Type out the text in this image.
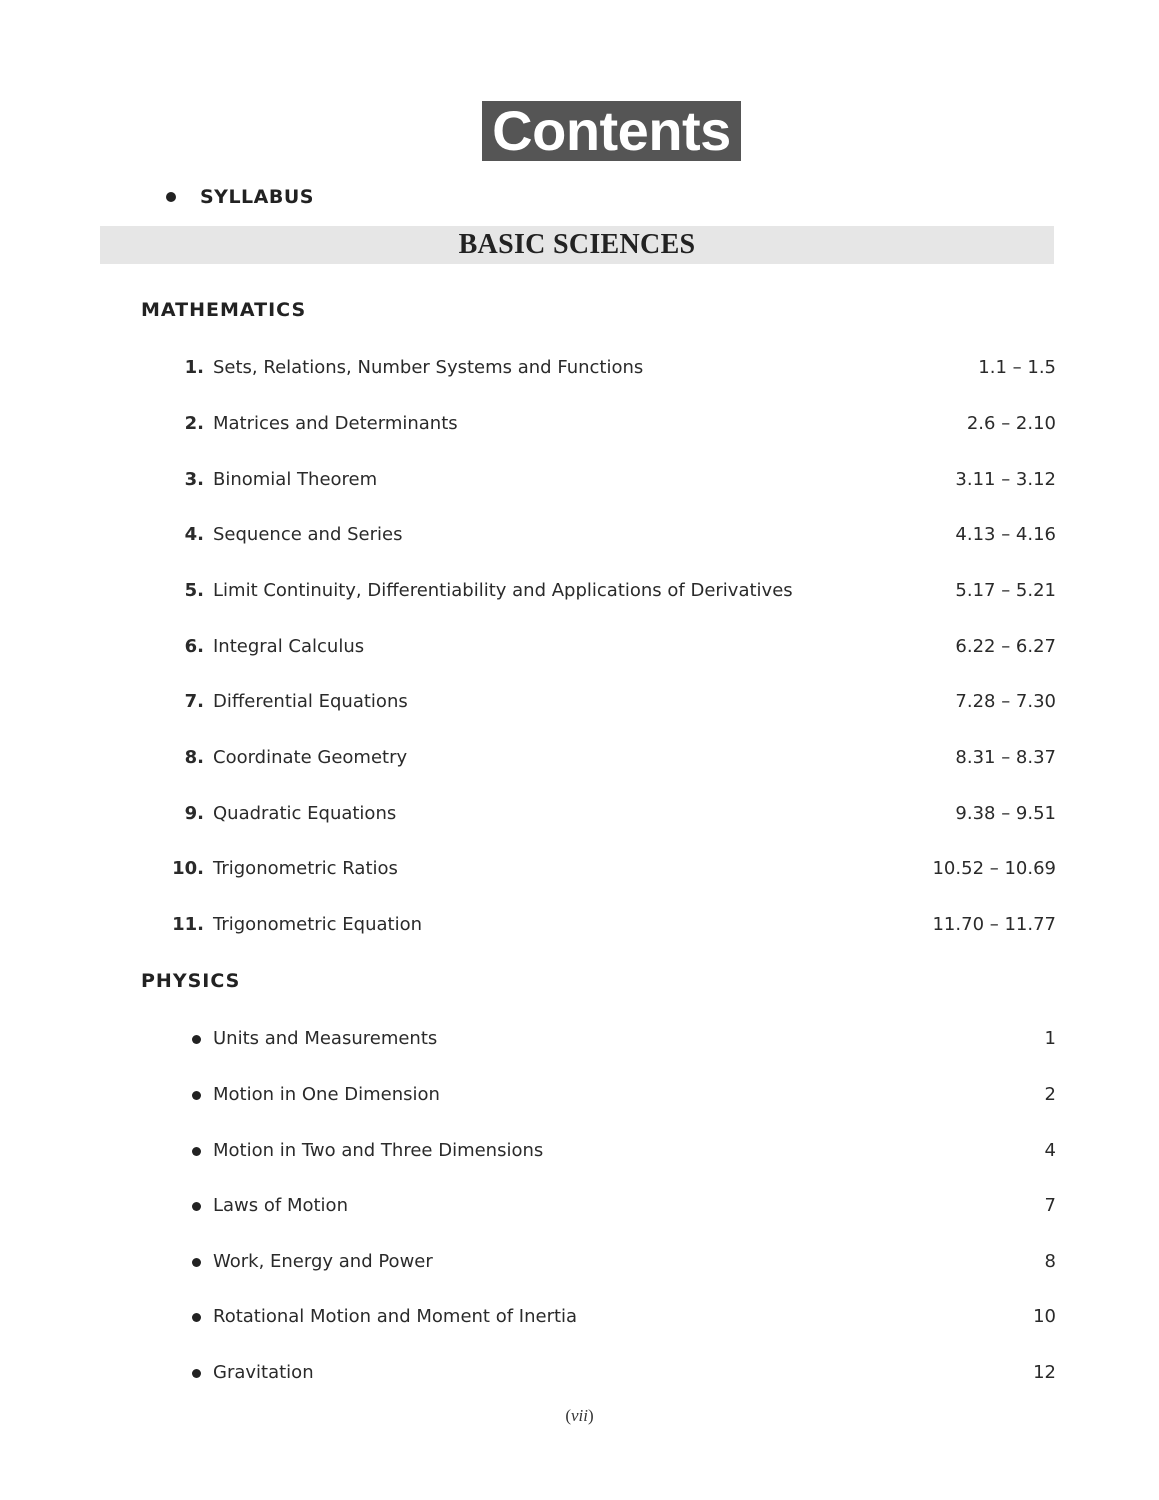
Contents
SYLLABUS
BASIC SCIENCES
MATHEMATICS
1. Sets, Relations, Number Systems and Functions	1.1 – 1.5
2. Matrices and Determinants	2.6 – 2.10
3. Binomial Theorem	3.11 – 3.12
4. Sequence and Series	4.13 – 4.16
5. Limit Continuity, Differentiability and Applications of Derivatives	5.17 – 5.21
6. Integral Calculus	6.22 – 6.27
7. Differential Equations	7.28 – 7.30
8. Coordinate Geometry	8.31 – 8.37
9. Quadratic Equations	9.38 – 9.51
10. Trigonometric Ratios	10.52 – 10.69
11. Trigonometric Equation	11.70 – 11.77
PHYSICS
Units and Measurements	1
Motion in One Dimension	2
Motion in Two and Three Dimensions	4
Laws of Motion	7
Work, Energy and Power	8
Rotational Motion and Moment of Inertia	10
Gravitation	12
(vii)
